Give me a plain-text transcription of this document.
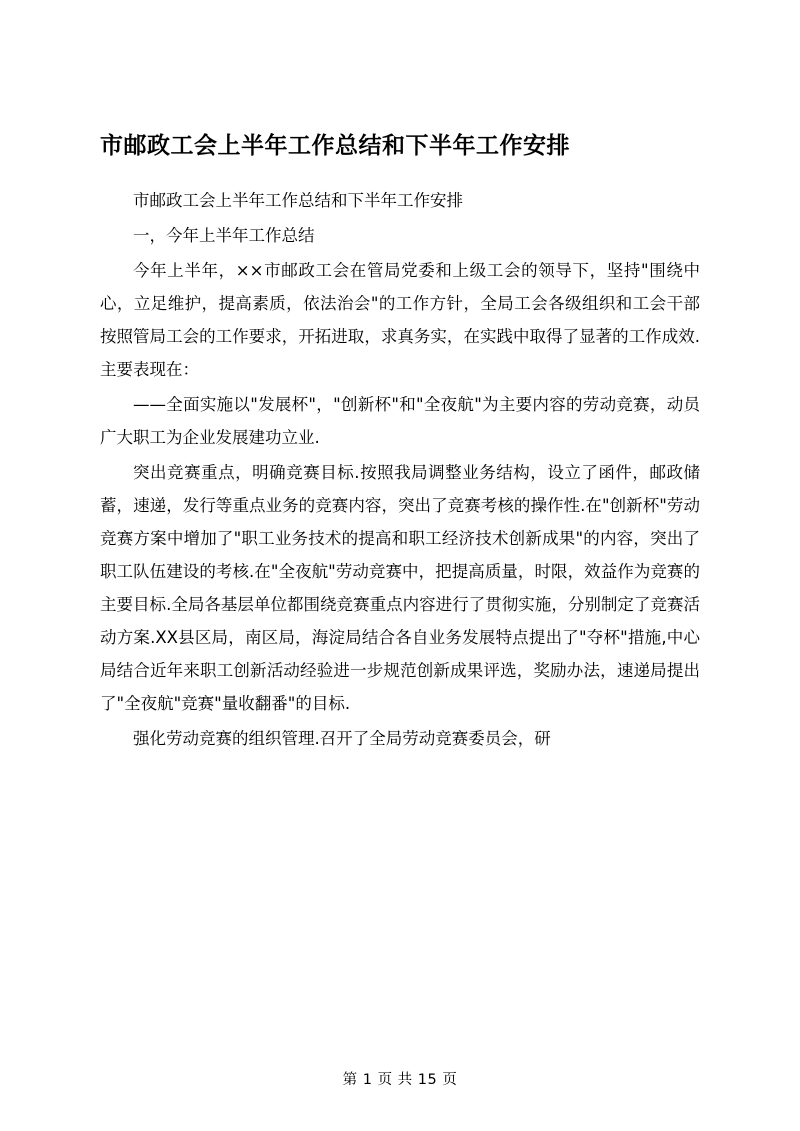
市邮政工会上半年工作总结和下半年工作安排

市邮政工会上半年工作总结和下半年工作安排

一，今年上半年工作总结

今年上半年，××市邮政工会在管局党委和上级工会的领导下，坚持"围绕中心，立足维护，提高素质，依法治会"的工作方针，全局工会各级组织和工会干部按照管局工会的工作要求，开拓进取，求真务实，在实践中取得了显著的工作成效.主要表现在：

——全面实施以"发展杯"，"创新杯"和"全夜航"为主要内容的劳动竞赛，动员广大职工为企业发展建功立业.

突出竞赛重点，明确竞赛目标.按照我局调整业务结构，设立了函件，邮政储蓄，速递，发行等重点业务的竞赛内容，突出了竞赛考核的操作性.在"创新杯"劳动竞赛方案中增加了"职工业务技术的提高和职工经济技术创新成果"的内容，突出了职工队伍建设的考核.在"全夜航"劳动竞赛中，把提高质量，时限，效益作为竞赛的主要目标.全局各基层单位都围绕竞赛重点内容进行了贯彻实施，分别制定了竞赛活动方案.XX县区局，南区局，海淀局结合各自业务发展特点提出了"夺杯"措施,中心局结合近年来职工创新活动经验进一步规范创新成果评选，奖励办法，速递局提出了"全夜航"竞赛"量收翻番"的目标.

强化劳动竞赛的组织管理.召开了全局劳动竞赛委员会，研

第 1 页 共 15 页
